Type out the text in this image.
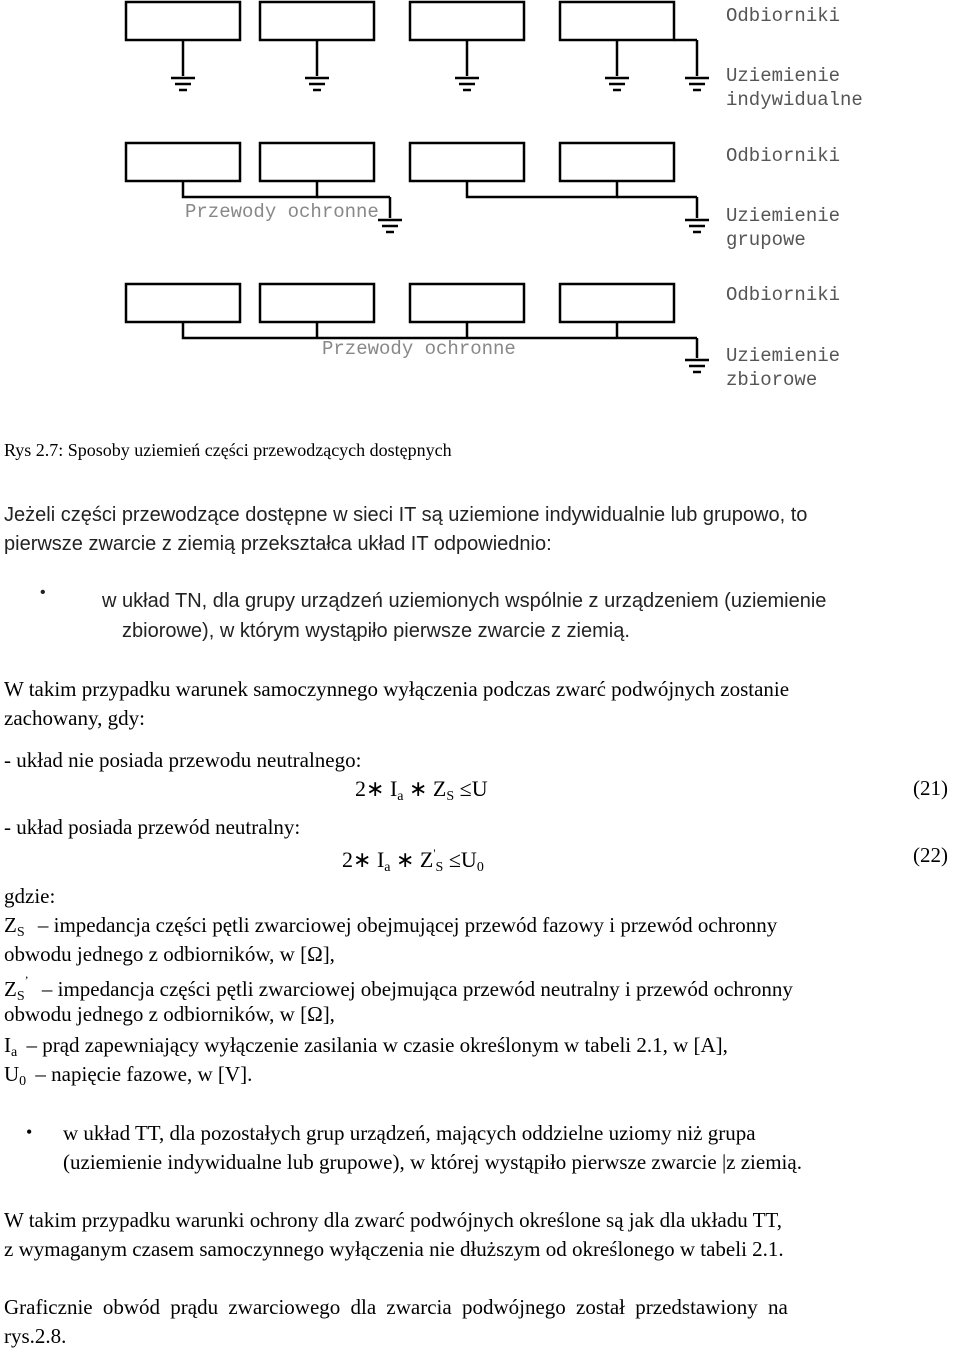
Odbiorniki
Uziemienie
indywidualne
Odbiorniki
Uziemienie
grupowe
Przewody ochronne
Odbiorniki
Uziemienie
zbiorowe
Przewody ochronne
Rys 2.7: Sposoby uziemień części przewodzących dostępnych
Jeżeli części przewodzące dostępne w sieci IT są uziemione indywidualnie lub grupowo, to
pierwsze zwarcie z ziemią przekształca układ IT odpowiednio:
•	w układ TN, dla grupy urządzeń uziemionych wspólnie z urządzeniem (uziemienie
zbiorowe), w którym wystąpiło pierwsze zwarcie z ziemią.
W takim przypadku warunek samoczynnego wyłączenia podczas zwarć podwójnych zostanie
zachowany, gdy:
- układ nie posiada przewodu neutralnego:
2∗ $I_a$ ∗ $Z_S \le U$	(21)
- układ posiada przewód neutralny:
2∗ $I_a$ ∗ $Z'_S \le U_0$
(22)
gdzie:
$Z_S$ – impedancja części pętli zwarciowej obejmującej przewód fazowy i przewód ochronny
obwodu jednego z odbiorników, w [Ω],
$Z_S^’$ – impedancja części pętli zwarciowej obejmująca przewód neutralny i przewód ochronny
obwodu jednego z odbiorników, w [Ω],
$I_a$ – prąd zapewniający wyłączenie zasilania w czasie określonym w tabeli 2.1, w [A],
$U_0$ – napięcie fazowe, w [V].
• w układ TT, dla pozostałych grup urządzeń, mających oddzielne uziomy niż grupa
(uziemienie indywidualne lub grupowe), w której wystąpiło pierwsze zwarcie |z ziemią.
W takim przypadku warunki ochrony dla zwarć podwójnych określone są jak dla układu TT,
z wymaganym czasem samoczynnego wyłączenia nie dłuższym od określonego w tabeli 2.1.
Graficznie obwód prądu zwarciowego dla zwarcia podwójnego został przedstawiony na
rys.2.8.
